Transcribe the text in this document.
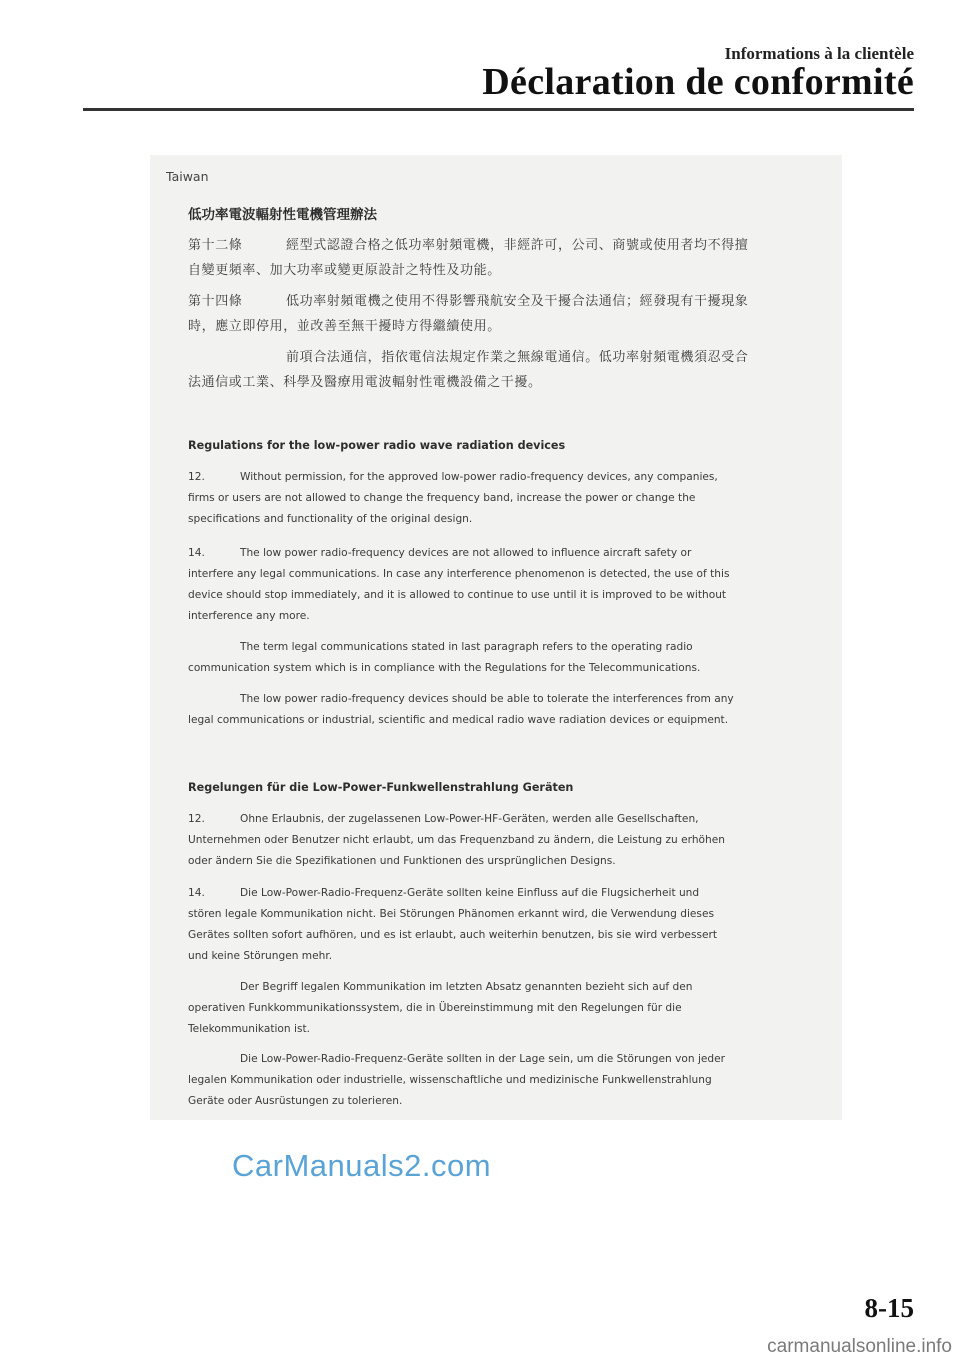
Informations à la clientèle
Déclaration de conformité
Taiwan
低功率電波輻射性電機管理辦法
第十二條	經型式認證合格之低功率射頻電機，非經許可，公司、商號或使用者均不得擅
自變更頻率、加大功率或變更原設計之特性及功能。
第十四條	低功率射頻電機之使用不得影響飛航安全及干擾合法通信；經發現有干擾現象
時，應立即停用，並改善至無干擾時方得繼續使用。
前項合法通信，指依電信法規定作業之無線電通信。低功率射頻電機須忍受合
法通信或工業、科學及醫療用電波輻射性電機設備之干擾。
Regulations for the low-power radio wave radiation devices
12.	Without permission, for the approved low-power radio-frequency devices, any companies,
firms or users are not allowed to change the frequency band, increase the power or change the
specifications and functionality of the original design.
14.	The low power radio-frequency devices are not allowed to influence aircraft safety or
interfere any legal communications. In case any interference phenomenon is detected, the use of this
device should stop immediately, and it is allowed to continue to use until it is improved to be without
interference any more.
The term legal communications stated in last paragraph refers to the operating radio
communication system which is in compliance with the Regulations for the Telecommunications.
The low power radio-frequency devices should be able to tolerate the interferences from any
legal communications or industrial, scientific and medical radio wave radiation devices or equipment.
Regelungen für die Low-Power-Funkwellenstrahlung Geräten
12.	Ohne Erlaubnis, der zugelassenen Low-Power-HF-Geräten, werden alle Gesellschaften,
Unternehmen oder Benutzer nicht erlaubt, um das Frequenzband zu ändern, die Leistung zu erhöhen
oder ändern Sie die Spezifikationen und Funktionen des ursprünglichen Designs.
14.	Die Low-Power-Radio-Frequenz-Geräte sollten keine Einfluss auf die Flugsicherheit und
stören legale Kommunikation nicht. Bei Störungen Phänomen erkannt wird, die Verwendung dieses
Gerätes sollten sofort aufhören, und es ist erlaubt, auch weiterhin benutzen, bis sie wird verbessert
und keine Störungen mehr.
Der Begriff legalen Kommunikation im letzten Absatz genannten bezieht sich auf den
operativen Funkkommunikationssystem, die in Übereinstimmung mit den Regelungen für die
Telekommunikation ist.
Die Low-Power-Radio-Frequenz-Geräte sollten in der Lage sein, um die Störungen von jeder
legalen Kommunikation oder industrielle, wissenschaftliche und medizinische Funkwellenstrahlung
Geräte oder Ausrüstungen zu tolerieren.
CarManuals2.com
8-15
carmanualsonline.info
